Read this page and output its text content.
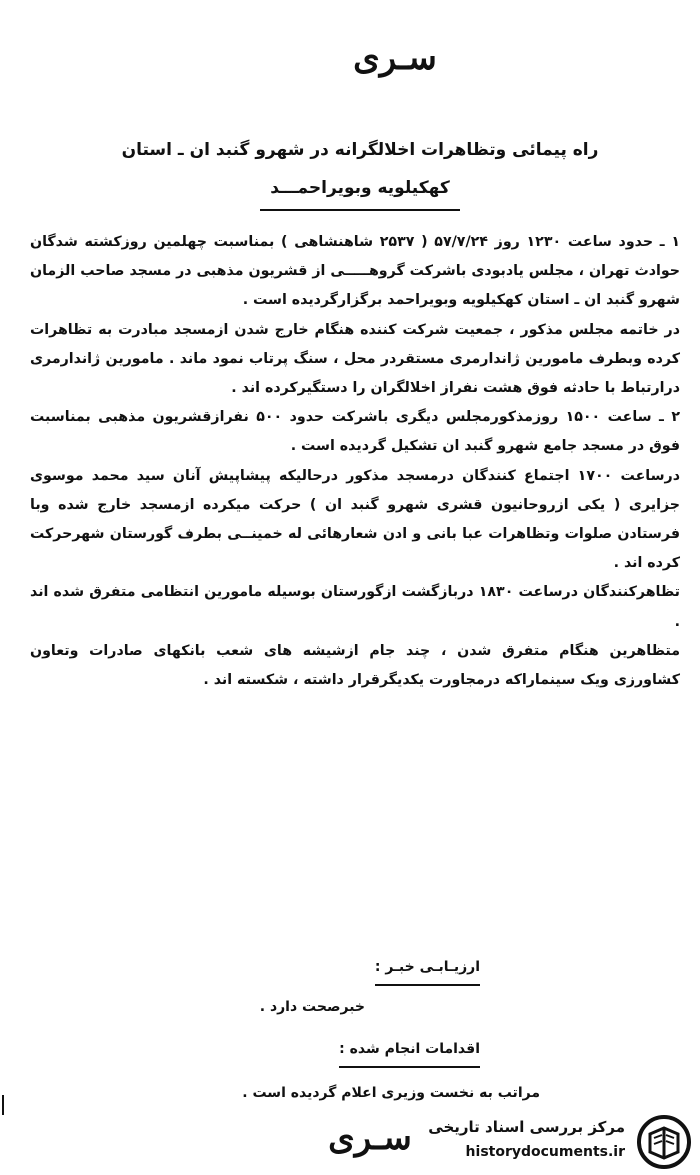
سـری
راه پیمائی وتظاهرات اخلالگرانه در شهرو گنبد ان ـ استان
کهکیلویه وبویراحمـــد

۱ ـ حدود ساعت ۱۲۳۰ روز ۵۷/۷/۲۴ ( ۲۵۳۷ شاهنشاهی ) بمناسبت چهلمین روزکشته شدگان حوادث تهران ، مجلس یادبودی باشرکت گروهـــــی از قشریون مذهبی در مسجد صاحب الزمان شهرو گنبد ان ـ استان کهکیلویه وبویراحمد برگزارگردیده است .

در خاتمه مجلس مذکور ، جمعیت شرکت کننده هنگام خارج شدن ازمسجد مبادرت به تظاهرات کرده وبطرف مامورین ژاندارمری مستقردر محل ، سنگ پرتاب نمود ماند . مامورین ژاندارمری درارتباط با حادثه فوق هشت نفراز اخلالگران را دستگیرکرده اند .

۲ ـ ساعت ۱۵۰۰ روزمذکورمجلس دیگری باشرکت حدود ۵۰۰ نفرازقشریون مذهبی بمناسبت فوق در مسجد جامع شهرو گنبد ان تشکیل گردیده است .

درساعت ۱۷۰۰ اجتماع کنندگان درمسجد مذکور درحالیکه پیشاپیش آنان سید محمد موسوی جزایری ( یکی ازروحانیون قشری شهرو گنبد ان ) حرکت میکرده ازمسجد خارج شده وبا فرستادن صلوات وتظاهرات عبا بانی و ادن شعارهائی له خمینــی بطرف گورستان شهرحرکت کرده اند .

تظاهرکنندگان درساعت ۱۸۳۰ دربازگشت ازگورستان بوسیله مامورین انتظامی متفرق شده اند .

متظاهرین هنگام متفرق شدن ، چند جام ازشیشه های شعب بانکهای صادرات وتعاون کشاورزی ویک سینماراکه درمجاورت یکدیگرقرار داشته ، شکسته اند .

ارزیـابـی خبـر :
خبرصحت دارد .
اقدامات انجام شده :
مراتب به نخست وزیری اعلام گردیده است .
سـری	مرکز بررسی اسناد تاریخی
historydocuments.ir
